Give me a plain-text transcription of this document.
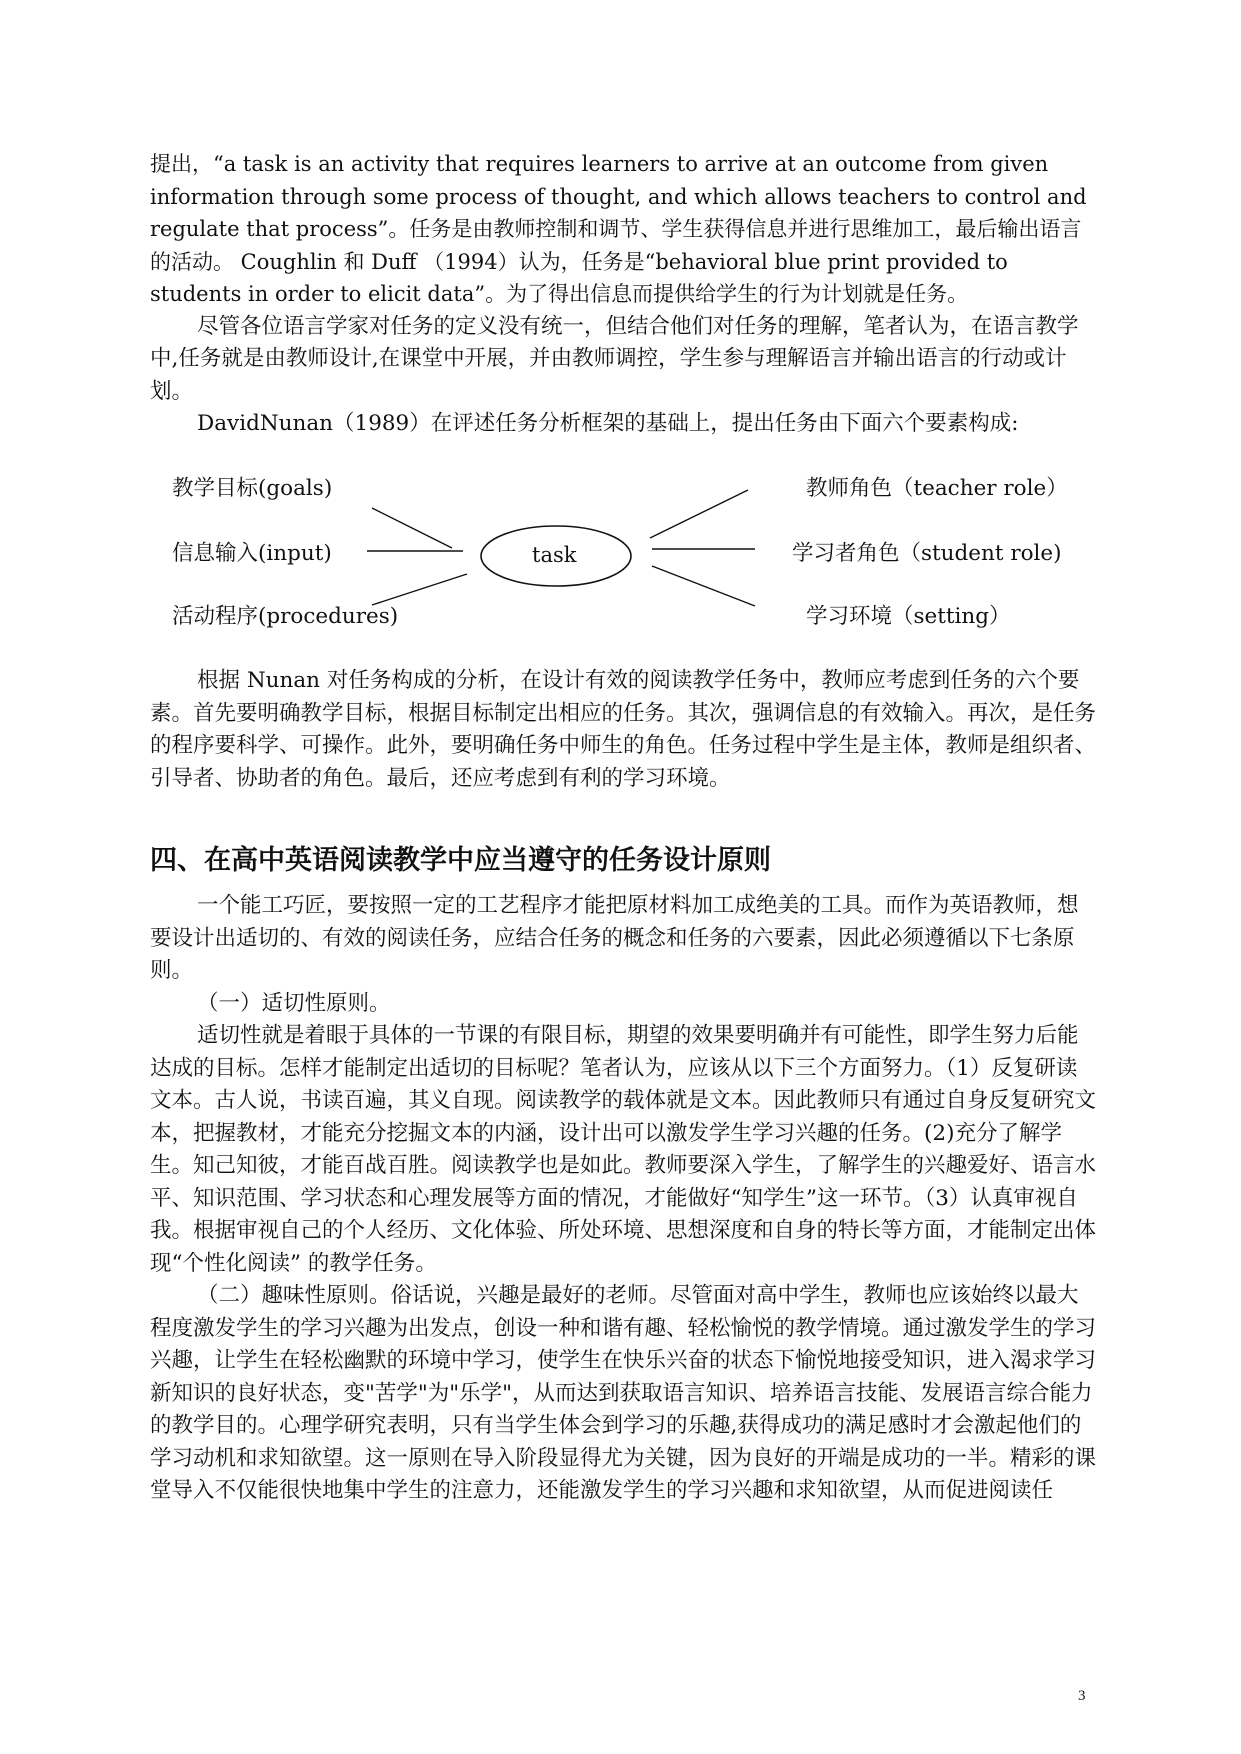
提出，“a task is an activity that requires learners to arrive at an outcome from given information through some process of thought, and which allows teachers to control and regulate that process”。任务是由教师控制和调节、学生获得信息并进行思维加工，最后输出语言的活动。 Coughlin 和 Duff （1994）认为，任务是“behavioral blue print provided to students in order to elicit data”。为了得出信息而提供给学生的行为计划就是任务。

尽管各位语言学家对任务的定义没有统一，但结合他们对任务的理解，笔者认为，在语言教学中,任务就是由教师设计,在课堂中开展，并由教师调控，学生参与理解语言并输出语言的行动或计划。

DavidNunan（1989）在评述任务分析框架的基础上，提出任务由下面六个要素构成:

task
教学目标(goals)
信息输入(input)
活动程序(procedures)
教师角色（teacher role）
学习者角色（student role)
学习环境（setting）

根据 Nunan 对任务构成的分析，在设计有效的阅读教学任务中，教师应考虑到任务的六个要素。首先要明确教学目标，根据目标制定出相应的任务。其次，强调信息的有效输入。再次，是任务的程序要科学、可操作。此外，要明确任务中师生的角色。任务过程中学生是主体，教师是组织者、引导者、协助者的角色。最后，还应考虑到有利的学习环境。

四、在高中英语阅读教学中应当遵守的任务设计原则

一个能工巧匠，要按照一定的工艺程序才能把原材料加工成绝美的工具。而作为英语教师，想要设计出适切的、有效的阅读任务，应结合任务的概念和任务的六要素，因此必须遵循以下七条原则。

（一）适切性原则。

适切性就是着眼于具体的一节课的有限目标，期望的效果要明确并有可能性，即学生努力后能达成的目标。怎样才能制定出适切的目标呢？笔者认为，应该从以下三个方面努力。（1）反复研读文本。古人说，书读百遍，其义自现。阅读教学的载体就是文本。因此教师只有通过自身反复研究文本，把握教材，才能充分挖掘文本的内涵，设计出可以激发学生学习兴趣的任务。(2)充分了解学生。知己知彼，才能百战百胜。阅读教学也是如此。教师要深入学生，了解学生的兴趣爱好、语言水平、知识范围、学习状态和心理发展等方面的情况，才能做好“知学生”这一环节。（3）认真审视自我。根据审视自己的个人经历、文化体验、所处环境、思想深度和自身的特长等方面，才能制定出体现“个性化阅读” 的教学任务。

（二）趣味性原则。俗话说，兴趣是最好的老师。尽管面对高中学生，教师也应该始终以最大程度激发学生的学习兴趣为出发点，创设一种和谐有趣、轻松愉悦的教学情境。通过激发学生的学习兴趣，让学生在轻松幽默的环境中学习，使学生在快乐兴奋的状态下愉悦地接受知识，进入渴求学习新知识的良好状态，变"苦学"为"乐学"，从而达到获取语言知识、培养语言技能、发展语言综合能力的教学目的。心理学研究表明，只有当学生体会到学习的乐趣,获得成功的满足感时才会激起他们的学习动机和求知欲望。这一原则在导入阶段显得尤为关键，因为良好的开端是成功的一半。精彩的课堂导入不仅能很快地集中学生的注意力，还能激发学生的学习兴趣和求知欲望，从而促进阅读任

3
